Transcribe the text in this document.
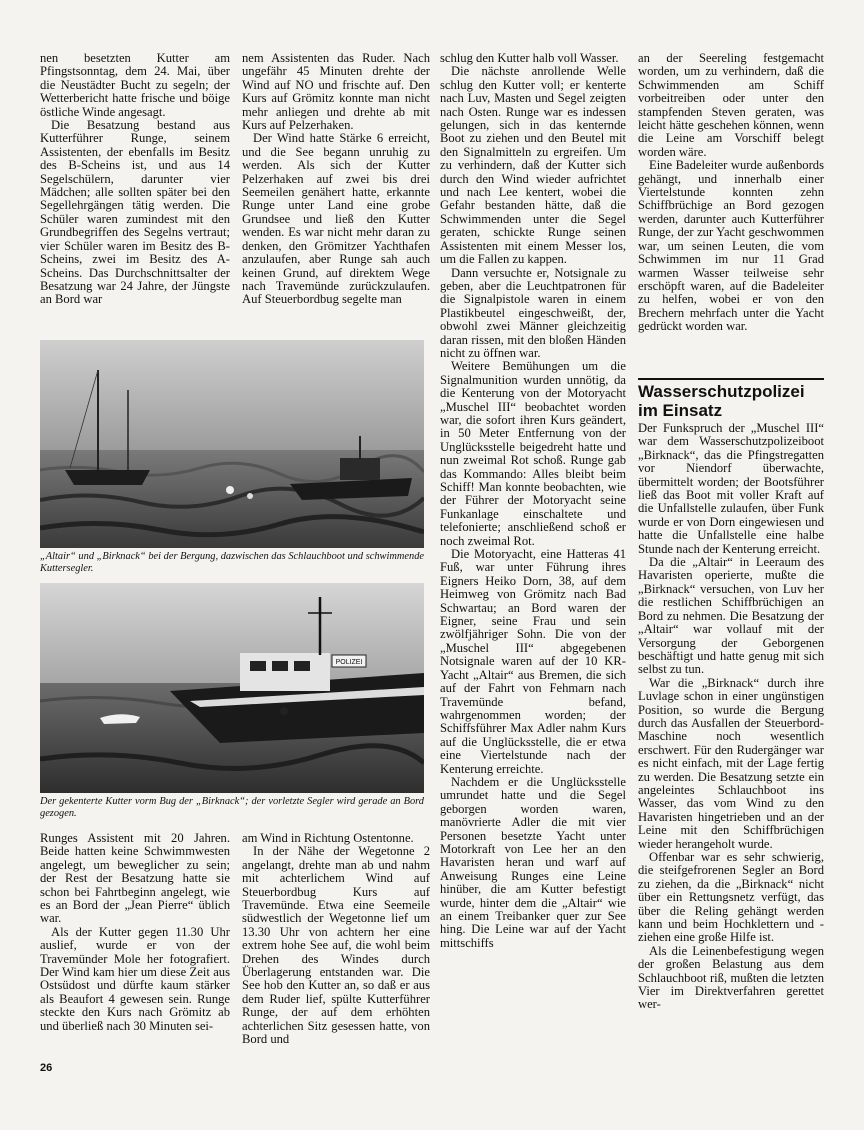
nen besetzten Kutter am Pfingstsonntag, dem 24. Mai, über die Neustädter Bucht zu segeln; der Wetterbericht hatte frische und böige östliche Winde angesagt.

Die Besatzung bestand aus Kutterführer Runge, seinem Assistenten, der ebenfalls im Besitz des B-Scheins ist, und aus 14 Segelschülern, darunter vier Mädchen; alle sollten später bei den Segellehrgängen tätig werden. Die Schüler waren zumindest mit den Grundbegriffen des Segelns vertraut; vier Schüler waren im Besitz des B-Scheins, zwei im Besitz des A-Scheins. Das Durchschnittsalter der Besatzung war 24 Jahre, der Jüngste an Bord war

nem Assistenten das Ruder. Nach ungefähr 45 Minuten drehte der Wind auf NO und frischte auf. Den Kurs auf Grömitz konnte man nicht mehr anliegen und drehte ab mit Kurs auf Pelzerhaken.

Der Wind hatte Stärke 6 erreicht, und die See begann unruhig zu werden. Als sich der Kutter Pelzerhaken auf zwei bis drei Seemeilen genähert hatte, erkannte Runge unter Land eine grobe Grundsee und ließ den Kutter wenden. Es war nicht mehr daran zu denken, den Grömitzer Yachthafen anzulaufen, aber Runge sah auch keinen Grund, auf direktem Wege nach Travemünde zurückzulaufen. Auf Steuerbordbug segelte man

„Altair“ und „Birknack“ bei der Bergung, dazwischen das Schlauchboot und schwimmende Kuttersegler.
POLIZEI
Der gekenterte Kutter vorm Bug der „Birknack“; der vorletzte Segler wird gerade an Bord gezogen.

Runges Assistent mit 20 Jahren. Beide hatten keine Schwimmwesten angelegt, um beweglicher zu sein; der Rest der Besatzung hatte sie schon bei Fahrtbeginn angelegt, wie es an Bord der „Jean Pierre“ üblich war.

Als der Kutter gegen 11.30 Uhr auslief, wurde er von der Travemünder Mole her fotografiert. Der Wind kam hier um diese Zeit aus Ostsüdost und dürfte kaum stärker als Beaufort 4 gewesen sein. Runge steckte den Kurs nach Grömitz ab und überließ nach 30 Minuten sei-

am Wind in Richtung Ostentonne.

In der Nähe der Wegetonne 2 angelangt, drehte man ab und nahm mit achterlichem Wind auf Steuerbordbug Kurs auf Travemünde. Etwa eine Seemeile südwestlich der Wegetonne lief um 13.30 Uhr von achtern her eine extrem hohe See auf, die wohl beim Drehen des Windes durch Überlagerung entstanden war. Die See hob den Kutter an, so daß er aus dem Ruder lief, spülte Kutterführer Runge, der auf dem erhöhten achterlichen Sitz gesessen hatte, von Bord und

schlug den Kutter halb voll Wasser.

Die nächste anrollende Welle schlug den Kutter voll; er kenterte nach Luv, Masten und Segel zeigten nach Osten. Runge war es indessen gelungen, sich in das kenternde Boot zu ziehen und den Beutel mit den Signalmitteln zu ergreifen. Um zu verhindern, daß der Kutter sich durch den Wind wieder aufrichtet und nach Lee kentert, wobei die Gefahr bestanden hätte, daß die Schwimmenden unter die Segel geraten, schickte Runge seinen Assistenten mit einem Messer los, um die Fallen zu kappen.

Dann versuchte er, Notsignale zu geben, aber die Leuchtpatronen für die Signalpistole waren in einem Plastikbeutel eingeschweißt, der, obwohl zwei Männer gleichzeitig daran rissen, mit den bloßen Händen nicht zu öffnen war.

Weitere Bemühungen um die Signalmunition wurden unnötig, da die Kenterung von der Motoryacht „Muschel III“ beobachtet worden war, die sofort ihren Kurs geändert, in 50 Meter Entfernung von der Unglücksstelle beigedreht hatte und nun zweimal Rot schoß. Runge gab das Kommando: Alles bleibt beim Schiff! Man konnte beobachten, wie der Führer der Motoryacht seine Funkanlage einschaltete und telefonierte; anschließend schoß er noch zweimal Rot.

Die Motoryacht, eine Hatteras 41 Fuß, war unter Führung ihres Eigners Heiko Dorn, 38, auf dem Heimweg von Grömitz nach Bad Schwartau; an Bord waren der Eigner, seine Frau und sein zwölfjähriger Sohn. Die von der „Muschel III“ abgegebenen Notsignale waren auf der 10 KR-Yacht „Altair“ aus Bremen, die sich auf der Fahrt von Fehmarn nach Travemünde befand, wahrgenommen worden; der Schiffsführer Max Adler nahm Kurs auf die Unglücksstelle, die er etwa eine Viertelstunde nach der Kenterung erreichte.

Nachdem er die Unglücksstelle umrundet hatte und die Segel geborgen worden waren, manövrierte Adler die mit vier Personen besetzte Yacht unter Motorkraft von Lee her an den Havaristen heran und warf auf Anweisung Runges eine Leine hinüber, die am Kutter befestigt wurde, hinter dem die „Altair“ wie an einem Treibanker quer zur See hing. Die Leine war auf der Yacht mittschiffs

an der Seereling festgemacht worden, um zu verhindern, daß die Schwimmenden am Schiff vorbeitreiben oder unter den stampfenden Steven geraten, was leicht hätte geschehen können, wenn die Leine am Vorschiff belegt worden wäre.

Eine Badeleiter wurde außenbords gehängt, und innerhalb einer Viertelstunde konnten zehn Schiffbrüchige an Bord gezogen werden, darunter auch Kutterführer Runge, der zur Yacht geschwommen war, um seinen Leuten, die vom Schwimmen im nur 11 Grad warmen Wasser teilweise sehr erschöpft waren, auf die Badeleiter zu helfen, wobei er von den Brechern mehrfach unter die Yacht gedrückt worden war.

Wasserschutzpolizei im Einsatz

Der Funkspruch der „Muschel III“ war dem Wasserschutzpolizeiboot „Birknack“, das die Pfingstregatten vor Niendorf überwachte, übermittelt worden; der Bootsführer ließ das Boot mit voller Kraft auf die Unfallstelle zulaufen, über Funk wurde er von Dorn eingewiesen und hatte die Unfallstelle eine halbe Stunde nach der Kenterung erreicht.

Da die „Altair“ in Leeraum des Havaristen operierte, mußte die „Birknack“ versuchen, von Luv her die restlichen Schiffbrüchigen an Bord zu nehmen. Die Besatzung der „Altair“ war vollauf mit der Versorgung der Geborgenen beschäftigt und hatte genug mit sich selbst zu tun.

War die „Birknack“ durch ihre Luvlage schon in einer ungünstigen Position, so wurde die Bergung durch das Ausfallen der Steuerbord-Maschine noch wesentlich erschwert. Für den Rudergänger war es nicht einfach, mit der Lage fertig zu werden. Die Besatzung setzte ein angeleintes Schlauchboot ins Wasser, das vom Wind zu den Havaristen hingetrieben und an der Leine mit den Schiffbrüchigen wieder herangeholt wurde.

Offenbar war es sehr schwierig, die steifgefrorenen Segler an Bord zu ziehen, da die „Birknack“ nicht über ein Rettungsnetz verfügt, das über die Reling gehängt werden kann und beim Hochklettern und -ziehen eine große Hilfe ist.

Als die Leinenbefestigung wegen der großen Belastung aus dem Schlauchboot riß, mußten die letzten Vier im Direktverfahren gerettet wer-

26
